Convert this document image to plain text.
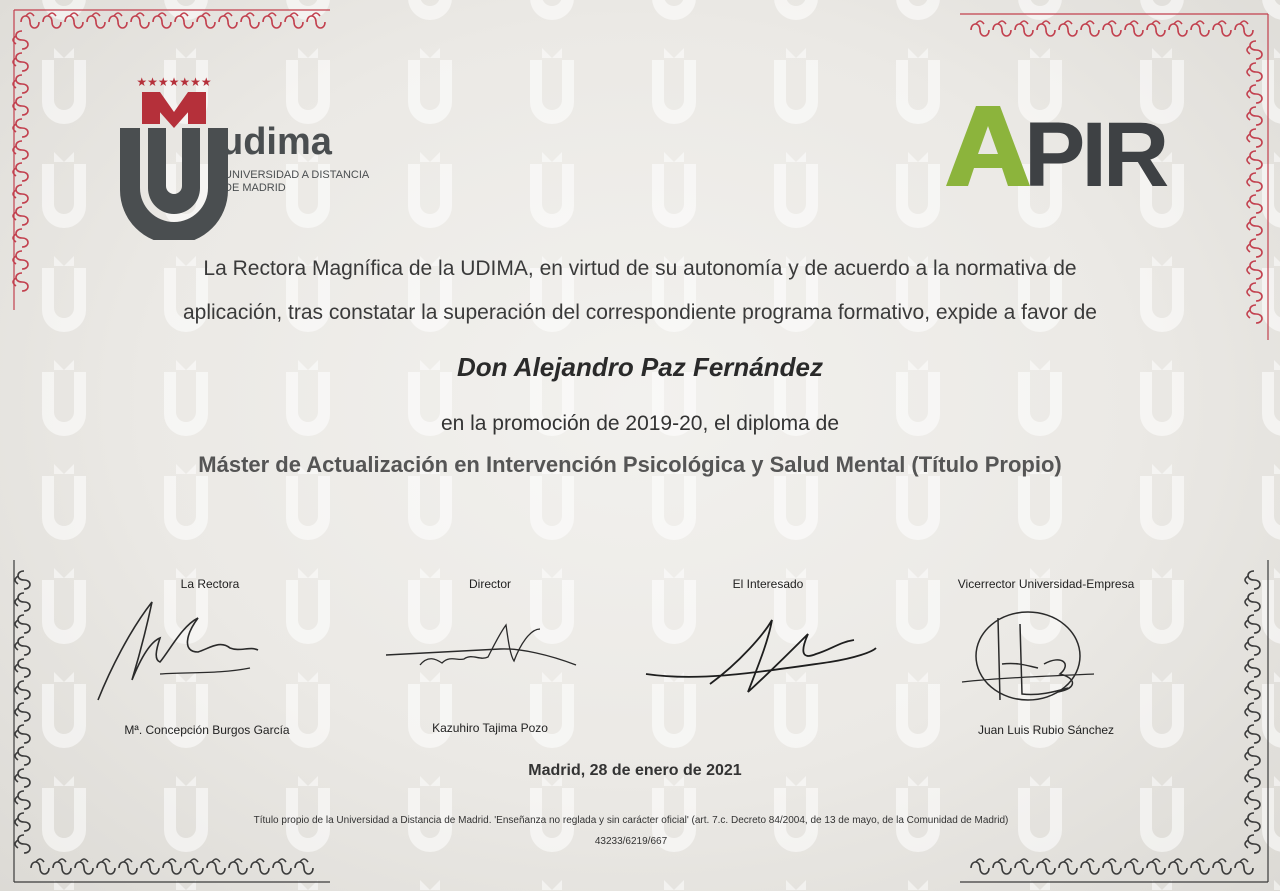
★★★★★★★
udima
UNIVERSIDAD A DISTANCIA
DE MADRID	PIR
La Rectora Magnífica de la UDIMA, en virtud de su autonomía y de acuerdo a la normativa de
aplicación, tras constatar la superación del correspondiente programa formativo, expide a favor de
Don Alejandro Paz Fernández
en la promoción de 2019-20, el diploma de
Máster de Actualización en Intervención Psicológica y Salud Mental (Título Propio)
La Rectora	Director	El Interesado	Vicerrector Universidad-Empresa
Mª. Concepción Burgos García	Kazuhiro Tajima Pozo	Juan Luis Rubio Sánchez
Madrid, 28 de enero de 2021
Título propio de la Universidad a Distancia de Madrid. 'Enseñanza no reglada y sin carácter oficial' (art. 7.c. Decreto 84/2004, de 13 de mayo, de la Comunidad de Madrid)
43233/6219/667
